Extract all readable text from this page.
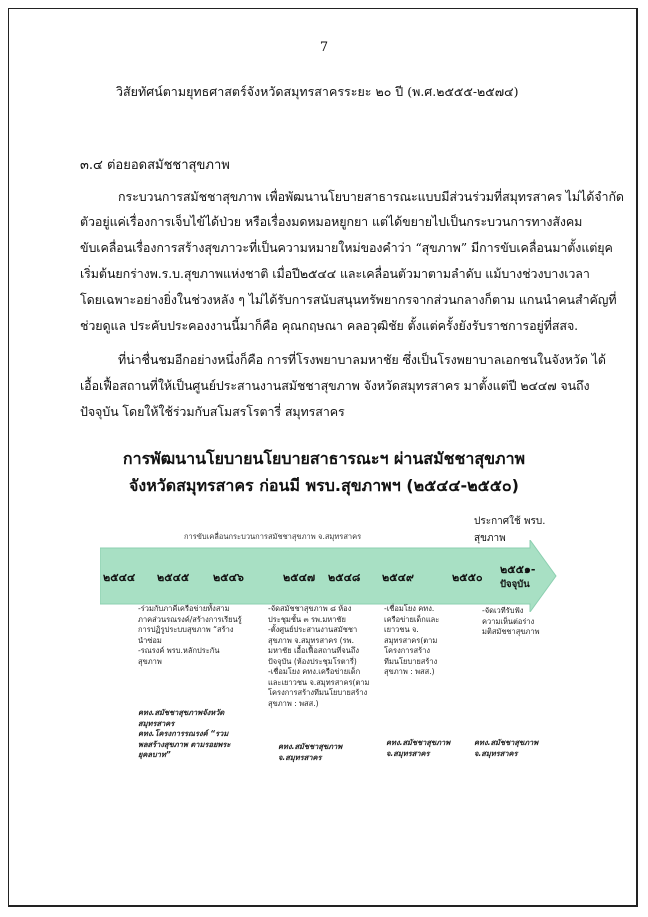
7
วิสัยทัศน์ตามยุทธศาสตร์จังหวัดสมุทรสาครระยะ ๒๐ ปี (พ.ศ.๒๕๕๕-๒๕๗๔)
๓.๔ ต่อยอดสมัชชาสุขภาพ
กระบวนการสมัชชาสุขภาพ เพื่อพัฒนานโยบายสาธารณะแบบมีส่วนร่วมที่สมุทรสาคร ไม่ได้จำกัด
ตัวอยู่แค่เรื่องการเจ็บไข้ได้ป่วย หรือเรื่องมดหมอหยูกยา แต่ได้ขยายไปเป็นกระบวนการทางสังคม
ขับเคลื่อนเรื่องการสร้างสุขภาวะที่เป็นความหมายใหม่ของคำว่า “สุขภาพ” มีการขับเคลื่อนมาตั้งแต่ยุค
เริ่มต้นยกร่างพ.ร.บ.สุขภาพแห่งชาติ เมื่อปี๒๕๔๔ และเคลื่อนตัวมาตามลำดับ แม้บางช่วงบางเวลา
โดยเฉพาะอย่างยิ่งในช่วงหลัง ๆ ไม่ได้รับการสนับสนุนทรัพยากรจากส่วนกลางก็ตาม แกนนำคนสำคัญที่
ช่วยดูแล ประคับประคองงานนี้มาก็คือ คุณกฤษณา คลอวุฒิชัย ตั้งแต่ครั้งยังรับราชการอยู่ที่สสจ.
ที่น่าชื่นชมอีกอย่างหนึ่งก็คือ การที่โรงพยาบาลมหาชัย ซึ่งเป็นโรงพยาบาลเอกชนในจังหวัด ได้
เอื้อเฟื้อสถานที่ให้เป็นศูนย์ประสานงานสมัชชาสุขภาพ จังหวัดสมุทรสาคร มาตั้งแต่ปี ๒๔๔๗ จนถึง
ปัจจุบัน โดยให้ใช้ร่วมกับสโมสรโรตารี่ สมุทรสาคร
การพัฒนานโยบายนโยบายสาธารณะฯ ผ่านสมัชชาสุขภาพ
จังหวัดสมุทรสาคร ก่อนมี พรบ.สุขภาพฯ (๒๕๔๔-๒๕๕๐)
การขับเคลื่อนกระบวนการสมัชชาสุขภาพ จ.สมุทรสาคร
ประกาศใช้ พรบ.
สุขภาพ
๒๕๔๔ ๒๕๔๕ ๒๕๔๖	๒๕๔๗ ๒๕๔๘ ๒๕๔๙	๒๕๕๐
๒๕๕๑-
ปัจจุบัน
-ร่วมกับภาคีเครือข่ายทั้งสาม
ภาคส่วนรณรงค์/สร้างการเรียนรู้
การปฏิรูประบบสุขภาพ “สร้าง
นำซ่อม
-รณรงค์ พรบ.หลักประกัน
สุขภาพ
คทง.สมัชชาสุขภาพจังหวัด
สมุทรสาคร
คทง.โครงการรณรงค์ “รวม
พลสร้างสุขภาพ ตามรอยพระ
ยุคลบาท”
-จัดสมัชชาสุขภาพ ๘ ห้อง
ประชุมชั้น ๓ รพ.มหาชัย
-ตั้งศูนย์ประสานงานสมัชชา
สุขภาพ จ.สมุทรสาคร (รพ.
มหาชัย เอื้อเฟื้อสถานที่จนถึง
ปัจจุบัน (ห้องประชุมโรตารี่)
-เชื่อมโยง คทง.เครือข่ายเด็ก
และเยาวชน จ.สมุทรสาคร(ตาม
โครงการสร้างทีมนโยบายสร้าง
สุขภาพ : พสส.)
คทง.สมัชชาสุขภาพ
จ.สมุทรสาคร
-เชื่อมโยง คทง.
เครือข่ายเด็กและ
เยาวชน จ.
สมุทรสาคร(ตาม
โครงการสร้าง
ทีมนโยบายสร้าง
สุขภาพ : พสส.)
คทง.สมัชชาสุขภาพ
จ.สมุทรสาคร
-จัดเวทีรับฟัง
ความเห็นต่อร่าง
มติสมัชชาสุขภาพ
คทง.สมัชชาสุขภาพ
จ.สมุทรสาคร
